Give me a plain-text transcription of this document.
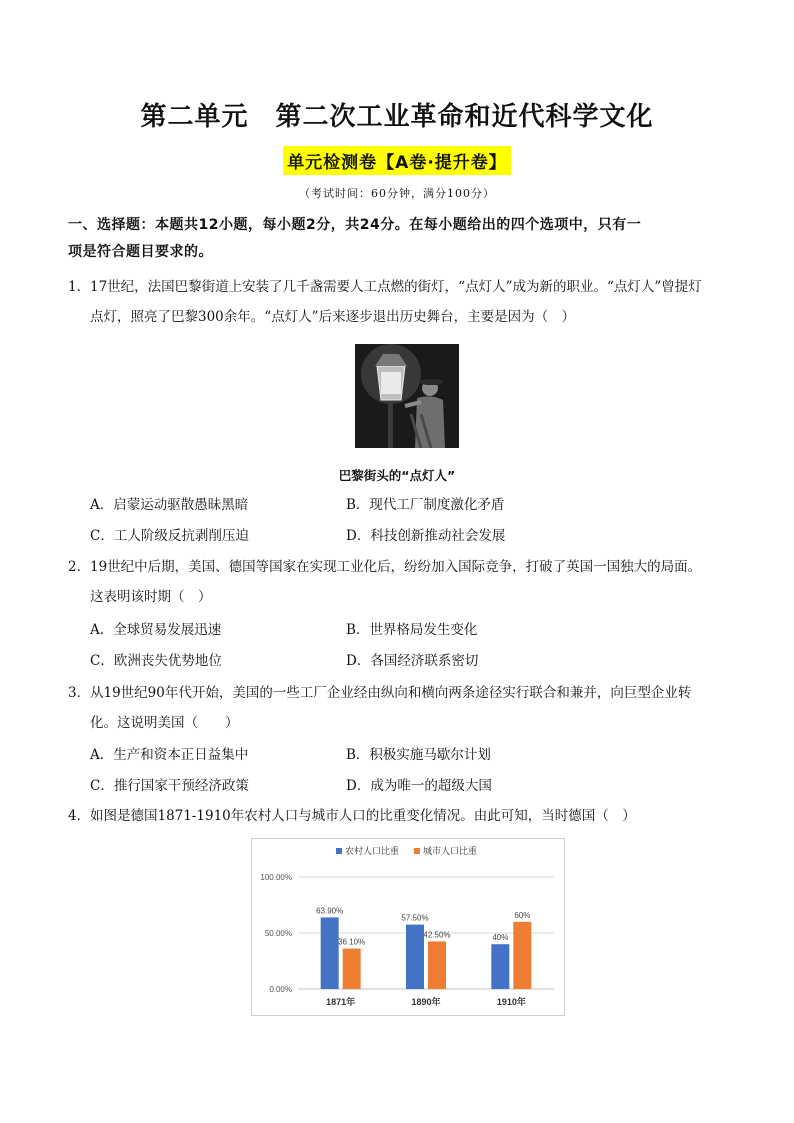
第二单元　第二次工业革命和近代科学文化
单元检测卷【A卷·提升卷】
（考试时间：60分钟，满分100分）
一、选择题：本题共12小题，每小题2分，共24分。在每小题给出的四个选项中，只有一
项是符合题目要求的。
1． 17世纪，法国巴黎街道上安装了几千盏需要人工点燃的街灯，“点灯人”成为新的职业。“点灯人”曾提灯
点灯，照亮了巴黎300余年。“点灯人”后来逐步退出历史舞台，主要是因为（　）
巴黎街头的“点灯人”
A．启蒙运动驱散愚昧黑暗	B．现代工厂制度激化矛盾
C．工人阶级反抗剥削压迫	D．科技创新推动社会发展
2． 19世纪中后期，美国、德国等国家在实现工业化后，纷纷加入国际竞争，打破了英国一国独大的局面。
这表明该时期（　）
A．全球贸易发展迅速	B．世界格局发生变化
C．欧洲丧失优势地位	D．各国经济联系密切
3． 从19世纪90年代开始，美国的一些工厂企业经由纵向和横向两条途径实行联合和兼并，向巨型企业转
化。这说明美国（　　）
A．生产和资本正日益集中	B．积极实施马歇尔计划
C．推行国家干预经济政策	D．成为唯一的超级大国
4． 如图是德国1871-1910年农村人口与城市人口的比重变化情况。由此可知，当时德国（　）
农村人口比重	城市人口比重
0.00%
50.00%
100.00%
63.90%
36.10%
1871年
57.50%
42.50%
1890年
40%
60%
1910年
